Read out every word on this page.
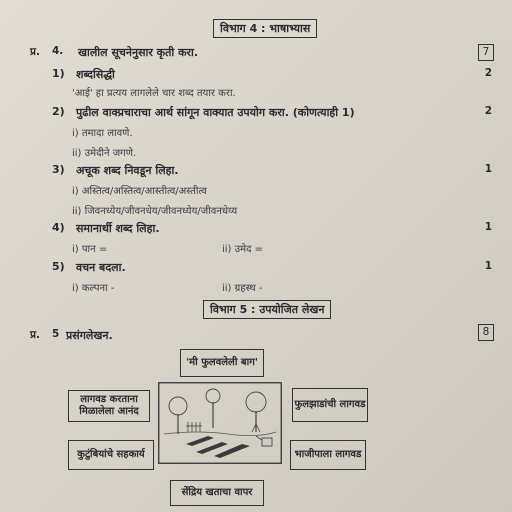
विभाग 4 : भाषाभ्यास
प्र. 4. खालील सूचनेनुसार कृती करा.	7
1) शब्दसिद्धी	2
'आई' हा प्रत्यय लागलेले चार शब्द तयार करा.
2) पुढील वाक्प्रचाराचा आर्थ सांगून वाक्यात उपयोग करा. (कोणत्याही 1)	2
i) तमादा लावणे.
ii) उमेदीने जगणे.
3) अचूक शब्द निवडून लिहा.	1
i) अस्तित्व/अस्तित्व/आस्तीत्व/अस्तीत्व
ii) जिवनध्येय/जीवनधेय/जीवनध्येय/जीवनधेय्य
4) समानार्थी शब्द लिहा.	1
i) पान =	ii) उमेद =
5) वचन बदला.	1
i) कल्पना -	ii) ग्रहस्थ -
विभाग 5 : उपयोजित लेखन
प्र. 5 प्रसंगलेखन.	8
'मी फुलवलेली बाग'
लागवड करताना मिळालेला आनंद
कुटुंबियांचे सहकार्य
फुलझाडांची लागवड
भाजीपाला लागवड
सेंद्रिय खताचा वापर
